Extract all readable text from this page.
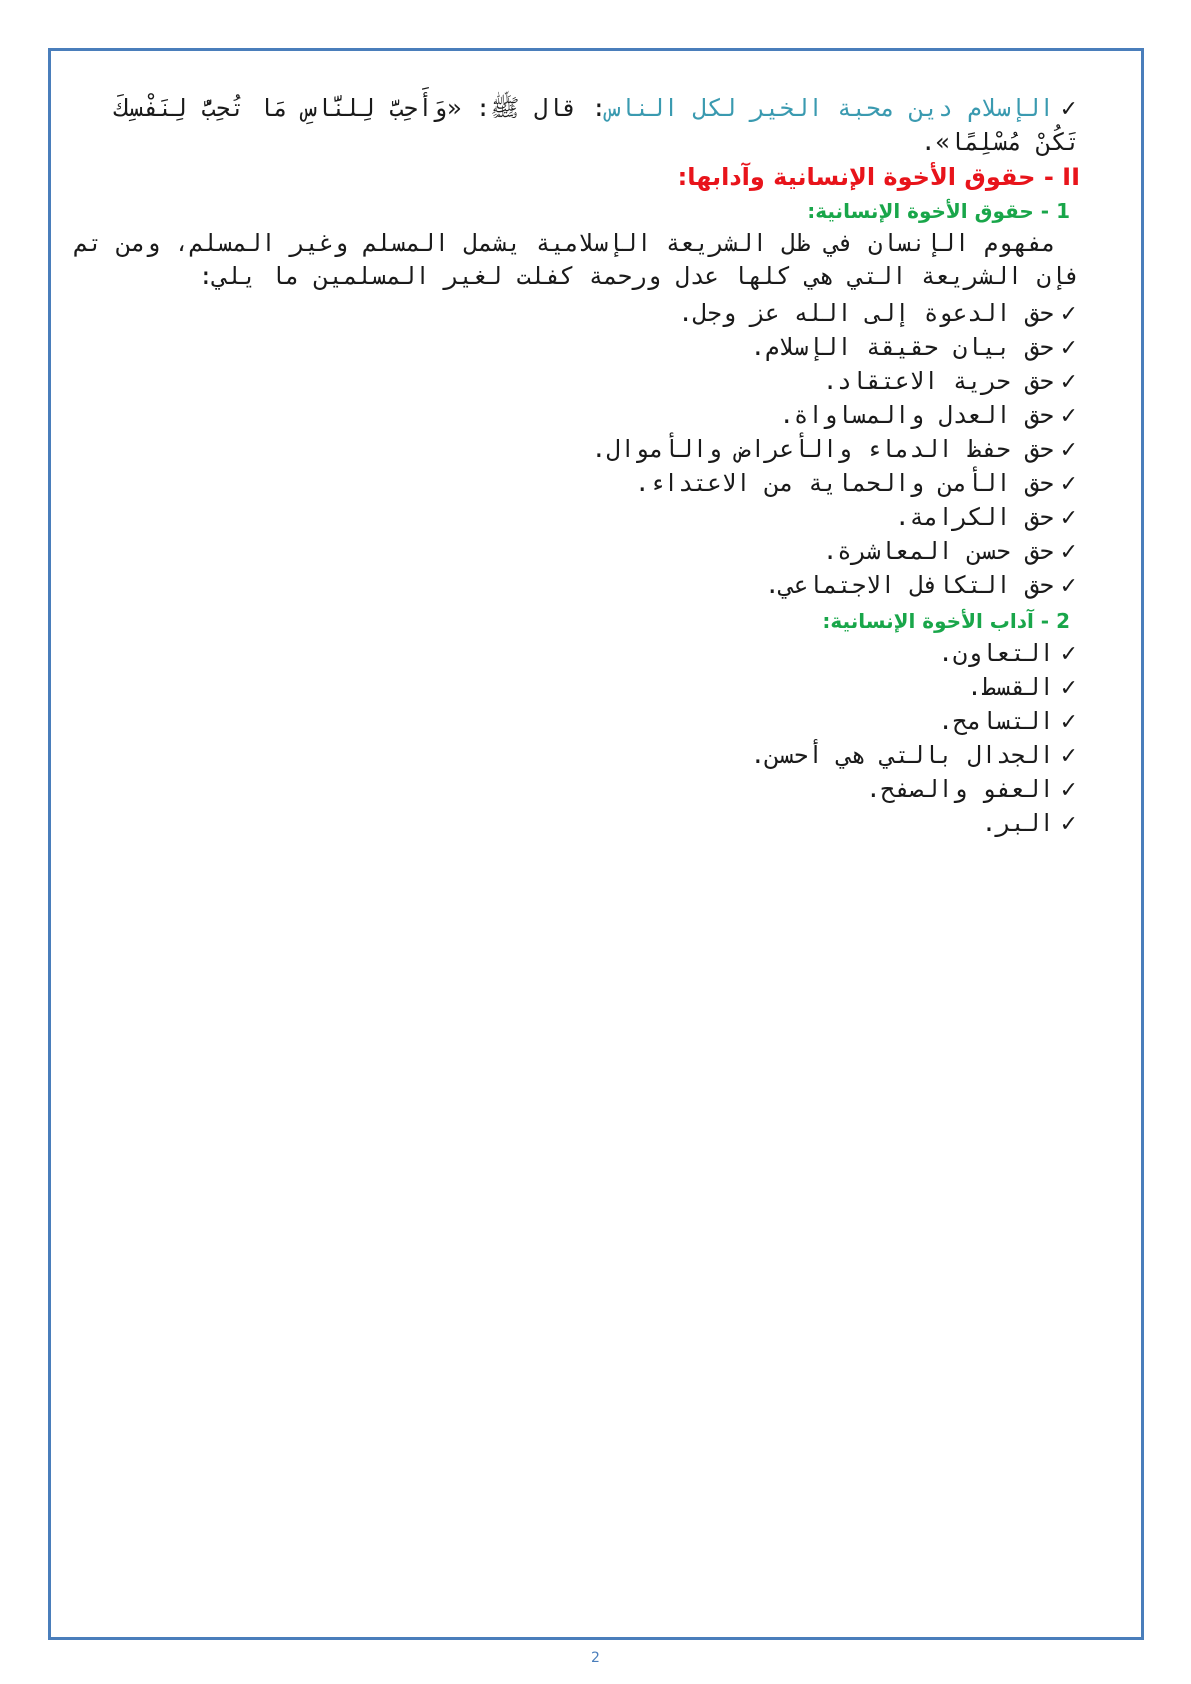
✓الإسلام دين محبة الخير لكل الناس: قال ﷺ: «وَأَحِبَّ لِلنَّاسِ مَا تُحِبُّ لِنَفْسِكَ تَكُنْ مُسْلِمًا».

II - حقوق الأخوة الإنسانية وآدابها:
1 - حقوق الأخوة الإنسانية:

مفهوم الإنسان في ظل الشريعة الإسلامية يشمل المسلم وغير المسلم، ومن تم فإن الشريعة التي هي كلها عدل ورحمة كفلت لغير المسلمين ما يلي:

✓حق الدعوة إلى الله عز وجل.
✓حق بيان حقيقة الإسلام.
✓حق حرية الاعتقاد.
✓حق العدل والمساواة.
✓حق حفظ الدماء والأعراض والأموال.
✓حق الأمن والحماية من الاعتداء.
✓حق الكرامة.
✓حق حسن المعاشرة.
✓حق التكافل الاجتماعي.
2 - آداب الأخوة الإنسانية:
✓التعاون.
✓القسط.
✓التسامح.
✓الجدال بالتي هي أحسن.
✓العفو والصفح.
✓البر.
2
